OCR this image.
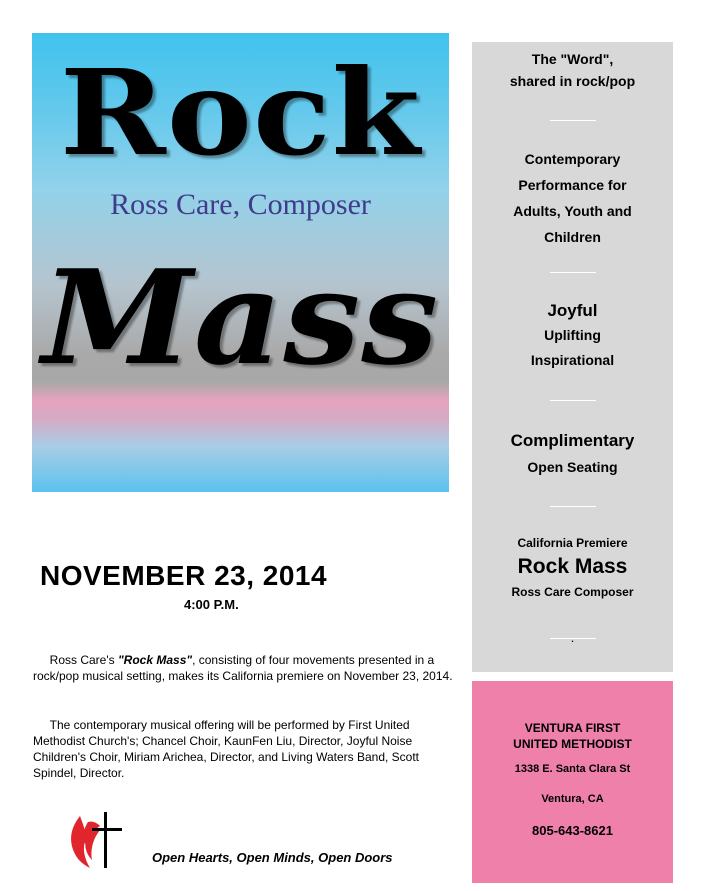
Rock
Ross Care, Composer
Mass
NOVEMBER 23, 2014
4:00 P.M.
Ross Care's "Rock Mass", consisting of four movements presented in a rock/pop musical setting, makes its California premiere on November 23, 2014.
The contemporary musical offering will be performed by First United Methodist Church's; Chancel Choir, KaunFen Liu, Director, Joyful Noise Children's Choir, Miriam Arichea, Director, and Living Waters Band, Scott Spindel, Director.
Open Hearts, Open Minds, Open Doors
The "Word",
shared in rock/pop
Contemporary
Performance for
Adults, Youth and
Children
Joyful
Uplifting
Inspirational
Complimentary
Open Seating
California Premiere
Rock Mass
Ross Care Composer
.
VENTURA FIRST
UNITED METHODIST
1338 E. Santa Clara St
Ventura, CA
805-643-8621
